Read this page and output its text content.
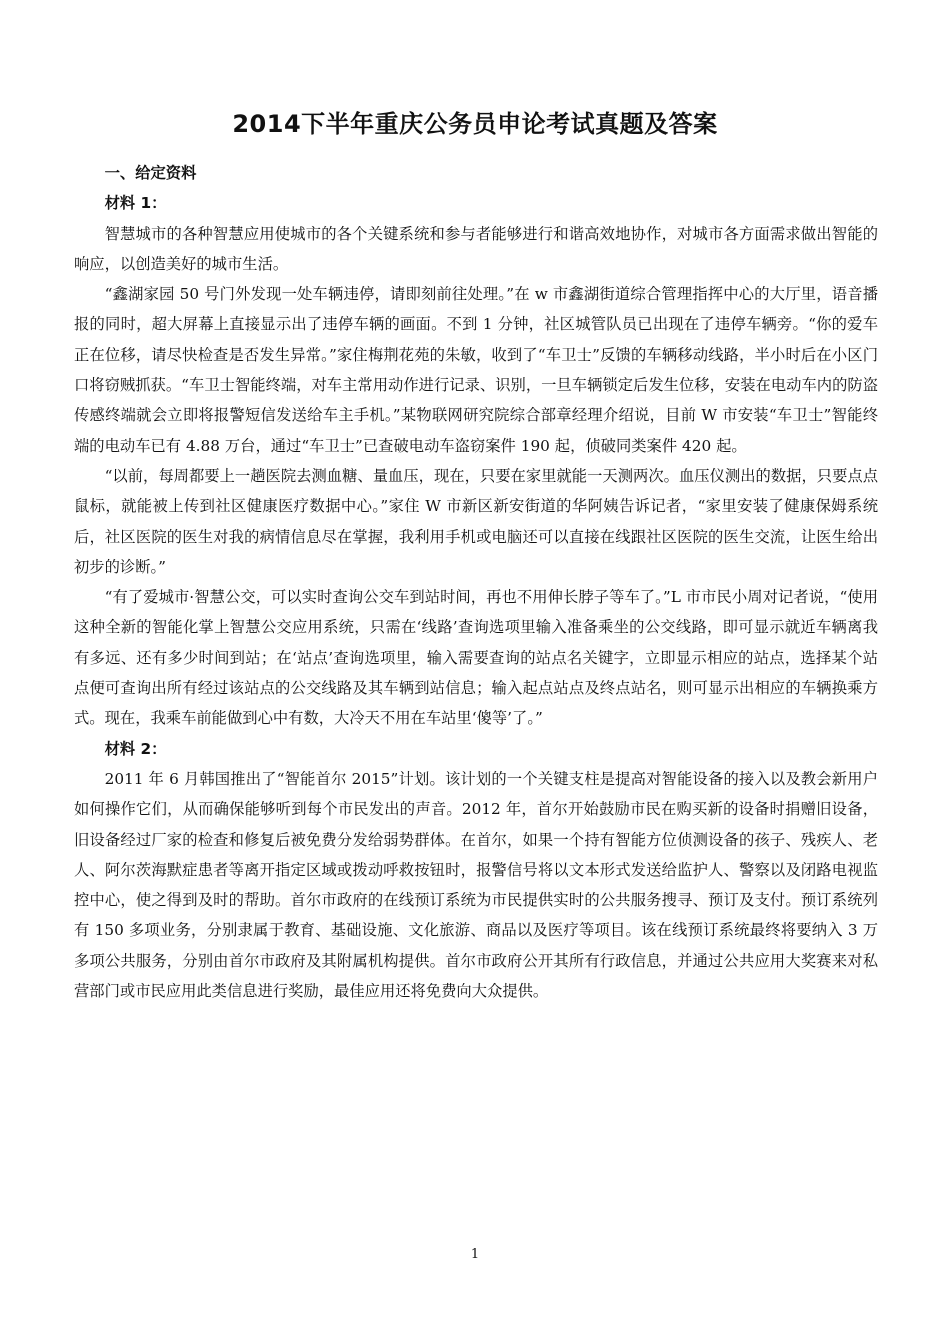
2014下半年重庆公务员申论考试真题及答案

一、给定资料

材料 1：

智慧城市的各种智慧应用使城市的各个关键系统和参与者能够进行和谐高效地协作，对城市各方面需求做出智能的响应，以创造美好的城市生活。

“鑫湖家园 50 号门外发现一处车辆违停，请即刻前往处理。”在 w 市鑫湖街道综合管理指挥中心的大厅里，语音播报的同时，超大屏幕上直接显示出了违停车辆的画面。不到 1 分钟，社区城管队员已出现在了违停车辆旁。“你的爱车正在位移，请尽快检查是否发生异常。”家住梅荆花苑的朱敏，收到了“车卫士”反馈的车辆移动线路，半小时后在小区门口将窃贼抓获。“车卫士智能终端，对车主常用动作进行记录、识别，一旦车辆锁定后发生位移，安装在电动车内的防盗传感终端就会立即将报警短信发送给车主手机。”某物联网研究院综合部章经理介绍说，目前 W 市安装“车卫士”智能终端的电动车已有 4.88 万台，通过“车卫士”已查破电动车盗窃案件 190 起，侦破同类案件 420 起。

“以前，每周都要上一趟医院去测血糖、量血压，现在，只要在家里就能一天测两次。血压仪测出的数据，只要点点鼠标，就能被上传到社区健康医疗数据中心。”家住 W 市新区新安街道的华阿姨告诉记者，“家里安装了健康保姆系统后，社区医院的医生对我的病情信息尽在掌握，我利用手机或电脑还可以直接在线跟社区医院的医生交流，让医生给出初步的诊断。”

“有了爱城市·智慧公交，可以实时查询公交车到站时间，再也不用伸长脖子等车了。”L 市市民小周对记者说，“使用这种全新的智能化掌上智慧公交应用系统，只需在‘线路’查询选项里输入准备乘坐的公交线路，即可显示就近车辆离我有多远、还有多少时间到站；在‘站点’查询选项里，输入需要查询的站点名关键字，立即显示相应的站点，选择某个站点便可查询出所有经过该站点的公交线路及其车辆到站信息；输入起点站点及终点站名，则可显示出相应的车辆换乘方式。现在，我乘车前能做到心中有数，大冷天不用在车站里‘傻等’了。”

材料 2：

2011 年 6 月韩国推出了“智能首尔 2015”计划。该计划的一个关键支柱是提高对智能设备的接入以及教会新用户如何操作它们，从而确保能够听到每个市民发出的声音。2012 年，首尔开始鼓励市民在购买新的设备时捐赠旧设备，旧设备经过厂家的检查和修复后被免费分发给弱势群体。在首尔，如果一个持有智能方位侦测设备的孩子、残疾人、老人、阿尔茨海默症患者等离开指定区域或拨动呼救按钮时，报警信号将以文本形式发送给监护人、警察以及闭路电视监控中心，使之得到及时的帮助。首尔市政府的在线预订系统为市民提供实时的公共服务搜寻、预订及支付。预订系统列有 150 多项业务，分别隶属于教育、基础设施、文化旅游、商品以及医疗等项目。该在线预订系统最终将要纳入 3 万多项公共服务，分别由首尔市政府及其附属机构提供。首尔市政府公开其所有行政信息，并通过公共应用大奖赛来对私营部门或市民应用此类信息进行奖励，最佳应用还将免费向大众提供。

1
